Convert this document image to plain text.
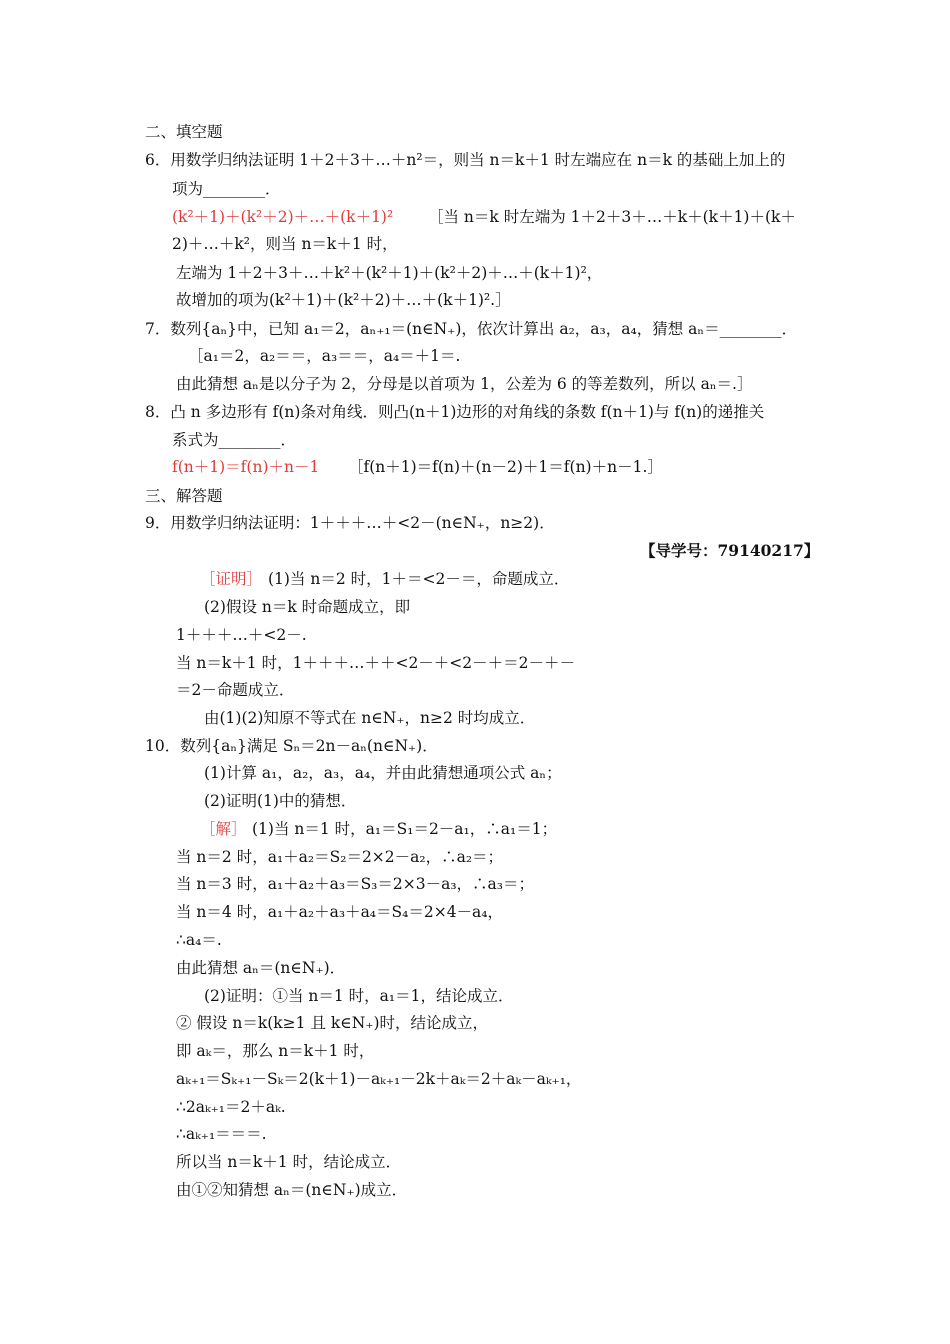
二、填空题
6．用数学归纳法证明 1＋2＋3＋…＋n²＝，则当 n＝k＋1 时左端应在 n＝k 的基础上加上的
项为________．
(k²＋1)＋(k²＋2)＋…＋(k＋1)² ［当 n＝k 时左端为 1＋2＋3＋…＋k＋(k＋1)＋(k＋
2)＋…＋k²，则当 n＝k＋1 时，
左端为 1＋2＋3＋…＋k²＋(k²＋1)＋(k²＋2)＋…＋(k＋1)²，
故增加的项为(k²＋1)＋(k²＋2)＋…＋(k＋1)².］
7．数列{aₙ}中，已知 a₁＝2，aₙ₊₁＝(n∈N₊)，依次计算出 a₂，a₃，a₄，猜想 aₙ＝________．
［a₁＝2，a₂＝＝，a₃＝＝，a₄＝＋1＝.
由此猜想 aₙ是以分子为 2，分母是以首项为 1，公差为 6 的等差数列，所以 aₙ＝.］
8．凸 n 多边形有 f(n)条对角线．则凸(n＋1)边形的对角线的条数 f(n＋1)与 f(n)的递推关
系式为________．
f(n＋1)＝f(n)＋n－1 ［f(n＋1)＝f(n)＋(n－2)＋1＝f(n)＋n－1.］
三、解答题
9．用数学归纳法证明：1＋＋＋…＋<2－(n∈N₊，n≥2)．
【导学号：79140217】
［证明］ (1)当 n＝2 时，1＋＝<2－＝，命题成立．
(2)假设 n＝k 时命题成立，即
1＋＋＋…＋<2－.
当 n＝k＋1 时，1＋＋＋…＋＋<2－＋<2－＋＝2－＋－
＝2－命题成立．
由(1)(2)知原不等式在 n∈N₊，n≥2 时均成立．
10．数列{aₙ}满足 Sₙ＝2n－aₙ(n∈N₊)．
(1)计算 a₁，a₂，a₃，a₄，并由此猜想通项公式 aₙ；
(2)证明(1)中的猜想．
［解］ (1)当 n＝1 时，a₁＝S₁＝2－a₁，∴a₁＝1；
当 n＝2 时，a₁＋a₂＝S₂＝2×2－a₂，∴a₂＝；
当 n＝3 时，a₁＋a₂＋a₃＝S₃＝2×3－a₃，∴a₃＝；
当 n＝4 时，a₁＋a₂＋a₃＋a₄＝S₄＝2×4－a₄，
∴a₄＝.
由此猜想 aₙ＝(n∈N₊)．
(2)证明：①当 n＝1 时，a₁＝1，结论成立．
② 假设 n＝k(k≥1 且 k∈N₊)时，结论成立，
即 aₖ＝，那么 n＝k＋1 时，
aₖ₊₁＝Sₖ₊₁－Sₖ＝2(k＋1)－aₖ₊₁－2k＋aₖ＝2＋aₖ－aₖ₊₁，
∴2aₖ₊₁＝2＋aₖ.
∴aₖ₊₁＝＝＝.
所以当 n＝k＋1 时，结论成立．
由①②知猜想 aₙ＝(n∈N₊)成立．
